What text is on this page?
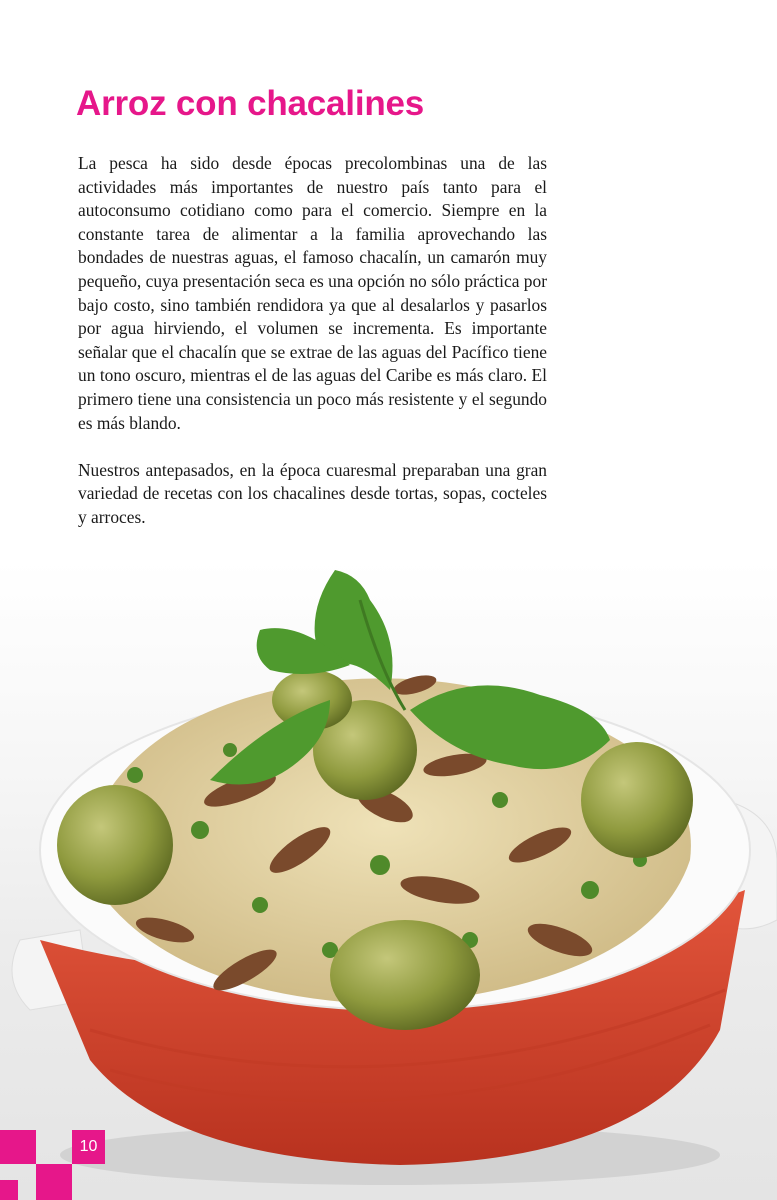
Arroz con chacalines

La pesca ha sido desde épocas precolombinas una de las actividades más importantes de nuestro país tanto para el autoconsumo cotidiano como para el comercio. Siempre en la constante tarea de alimentar a la familia aprovechando las bondades de nuestras aguas, el famoso chacalín, un camarón muy pequeño, cuya presentación seca es una opción no sólo práctica por bajo costo, sino también rendidora ya que al desalarlos y pasarlos por agua hirviendo, el volumen se incrementa. Es importante señalar que el chacalín que se extrae de las aguas del Pacífico tiene un tono oscuro, mientras el de las aguas del Caribe es más claro. El primero tiene una consistencia un poco más resistente y el segundo es más blando.

Nuestros antepasados, en la época cuaresmal preparaban una gran variedad de recetas con los chacalines desde tortas, sopas, cocteles y arroces.

10
